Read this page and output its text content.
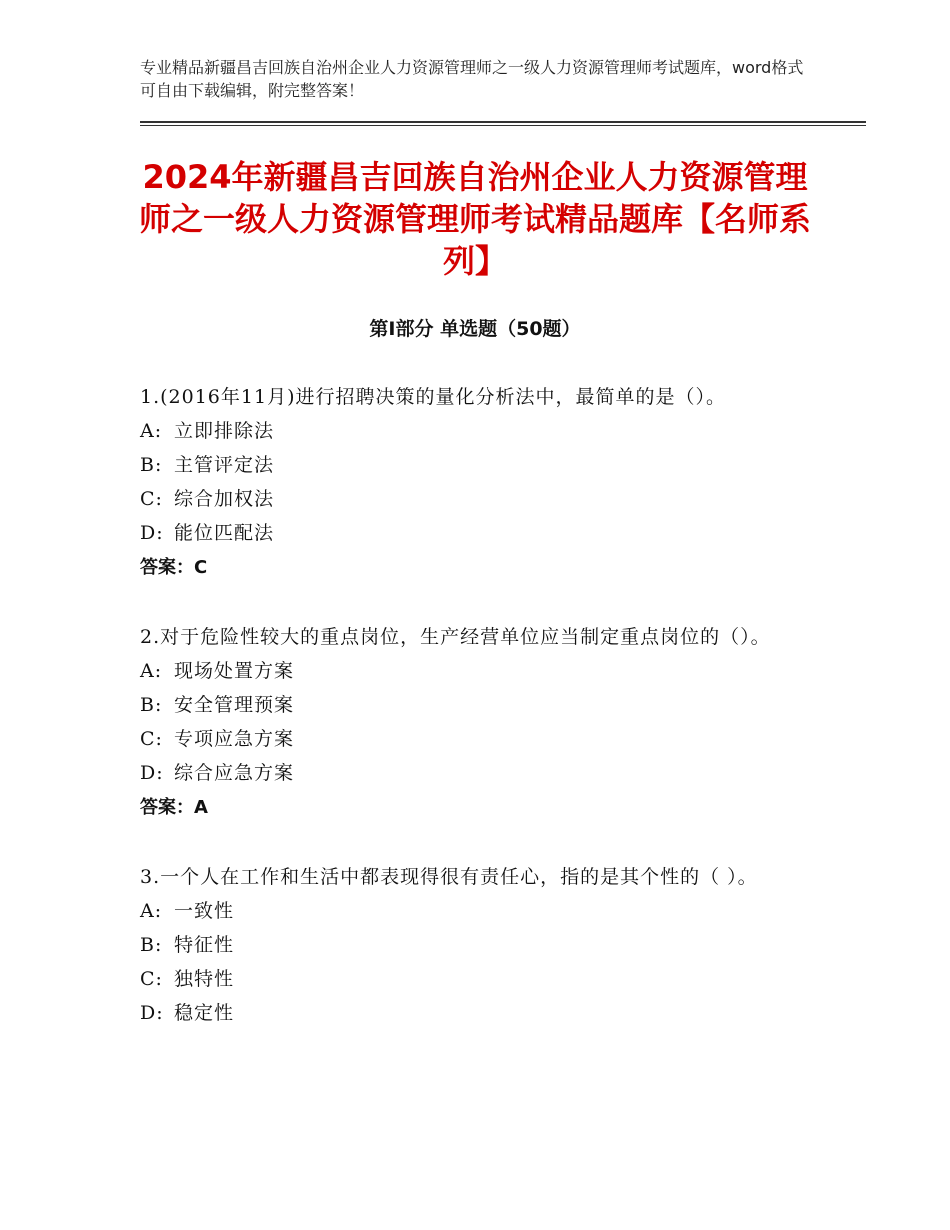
专业精品新疆昌吉回族自治州企业人力资源管理师之一级人力资源管理师考试题库，word格式可自由下载编辑，附完整答案！
2024年新疆昌吉回族自治州企业人力资源管理师之一级人力资源管理师考试精品题库【名师系列】
第Ⅰ部分 单选题（50题）
1.(2016年11月)进行招聘决策的量化分析法中，最简单的是（）。
A: 立即排除法
B: 主管评定法
C: 综合加权法
D: 能位匹配法
答案：C
2.对于危险性较大的重点岗位，生产经营单位应当制定重点岗位的（）。
A: 现场处置方案
B: 安全管理预案
C: 专项应急方案
D: 综合应急方案
答案：A
3.一个人在工作和生活中都表现得很有责任心，指的是其个性的（ ）。
A: 一致性
B: 特征性
C: 独特性
D: 稳定性
